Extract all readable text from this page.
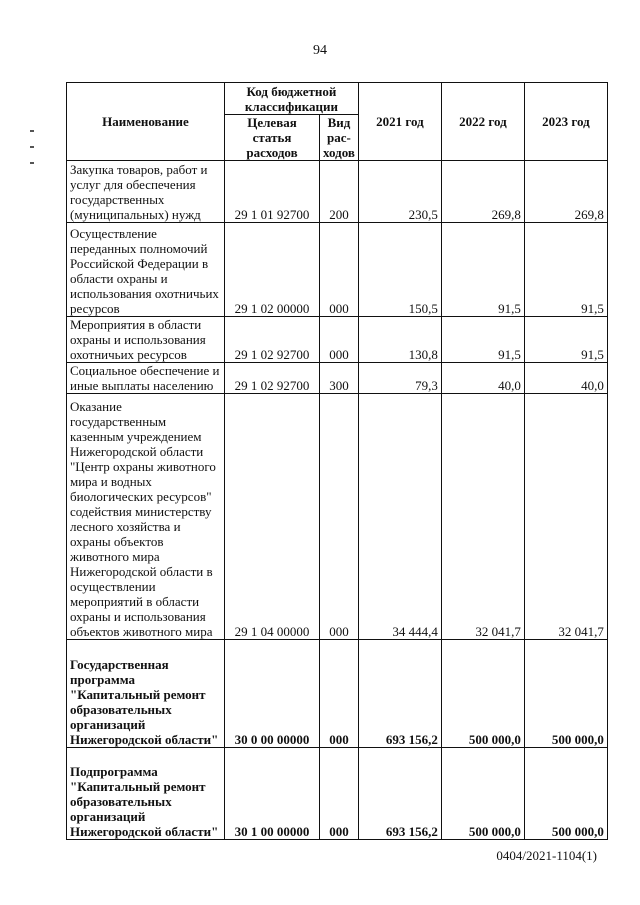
94
Наименование	Код бюджетной классификации		2021 год	2022 год	2023 год
	Целевая статья расходов	Вид рас-ходов			
Закупка товаров, работ и услуг для обеспечения государственных (муниципальных) нужд	29 1 01 92700	200	230,5	269,8	269,8
Осуществление переданных полномочий Российской Федерации в области охраны и использования охотничьих ресурсов	29 1 02 00000	000	150,5	91,5	91,5
Мероприятия в области охраны и использования охотничьих ресурсов	29 1 02 92700	000	130,8	91,5	91,5
Социальное обеспечение и иные выплаты населению	29 1 02 92700	300	79,3	40,0	40,0
Оказание государственным казенным учреждением Нижегородской области "Центр охраны животного мира и водных биологических ресурсов" содействия министерству лесного хозяйства и охраны объектов животного мира Нижегородской области в осуществлении мероприятий в области охраны и использования объектов животного мира	29 1 04 00000	000	34 444,4	32 041,7	32 041,7
Государственная программа "Капитальный ремонт образовательных организаций Нижегородской области"	30 0 00 00000	000	693 156,2	500 000,0	500 000,0
Подпрограмма "Капитальный ремонт образовательных организаций Нижегородской области"	30 1 00 00000	000	693 156,2	500 000,0	500 000,0
0404/2021-1104(1)
